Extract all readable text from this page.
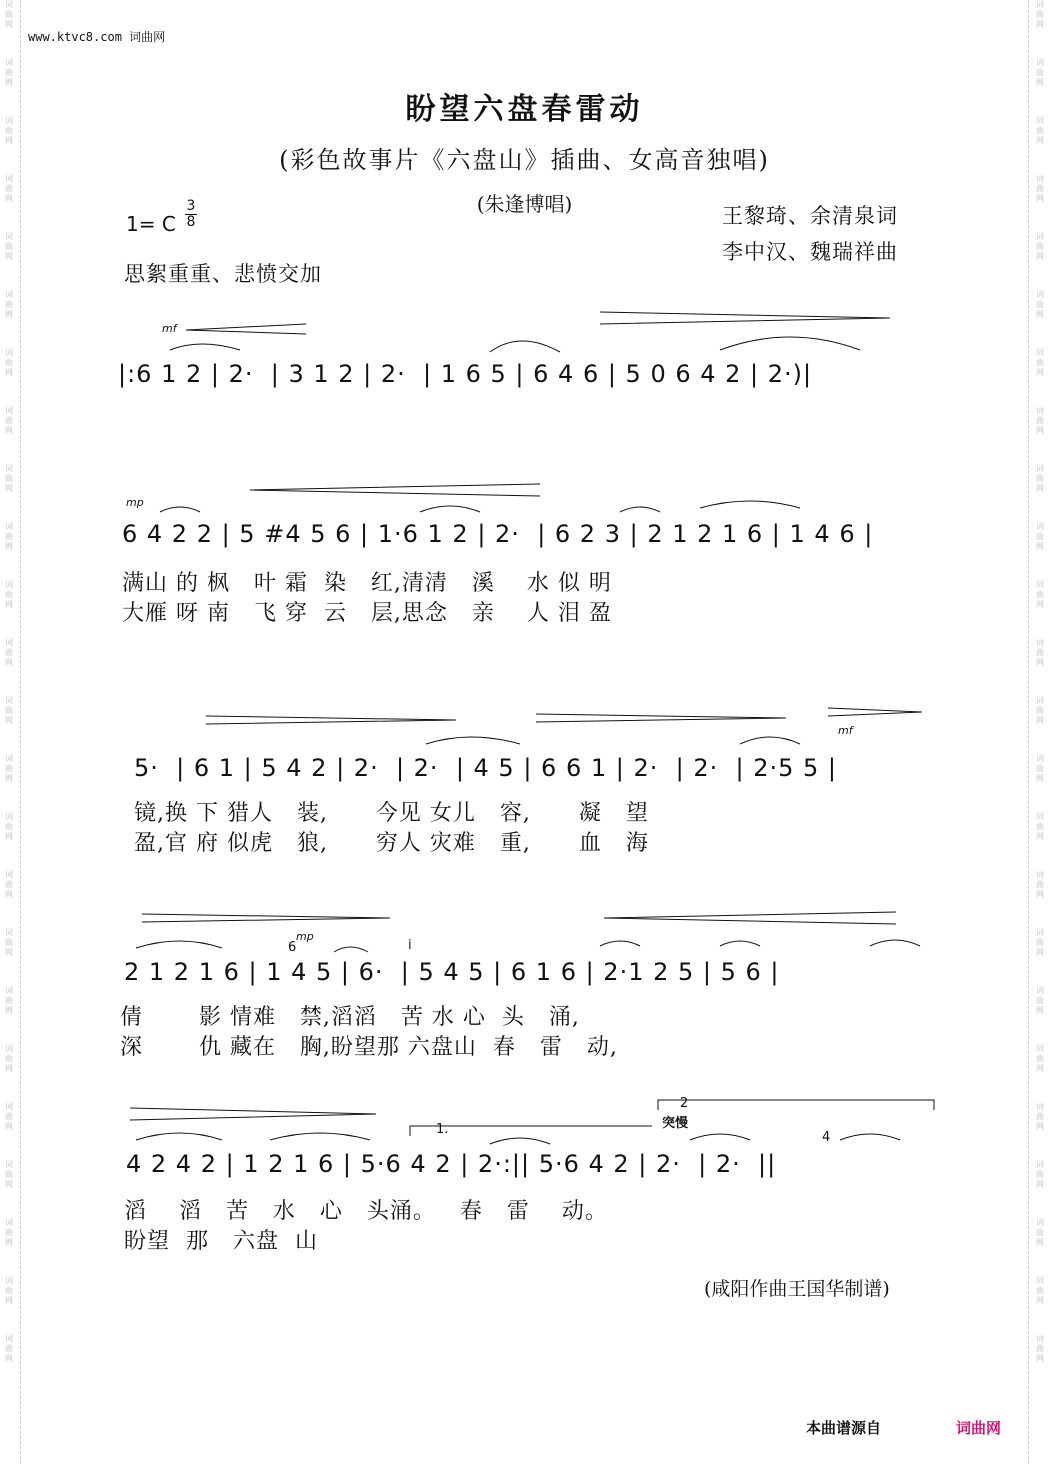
词
曲
网
词
曲
网
词
曲
网
词
曲
网
词
曲
网
词
曲
网
词
曲
网
词
曲
网
词
曲
网
词
曲
网
词
曲
网
词
曲
网
词
曲
网
词
曲
网
词
曲
网
词
曲
网
词
曲
网
词
曲
网
词
曲
网
词
曲
网
词
曲
网
词
曲
网
词
曲
网
词
曲
网
词
曲
网
词
曲
网
词
曲
网
词
曲
网
词
曲
网
词
曲
网
词
曲
网
词
曲
网
词
曲
网
词
曲
网
词
曲
网
词
曲
网
词
曲
网
词
曲
网
词
曲
网
词
曲
网
词
曲
网
词
曲
网
词
曲
网
词
曲
网
词
曲
网
词
曲
网
词
曲
网
词
曲
网
www.ktvc8.com 词曲网
盼望六盘春雷动
(彩色故事片《六盘山》插曲、女高音独唱)
(朱逢博唱)
1= C
3
8	王黎琦、余清泉词
李中汉、魏瑞祥曲
思絮重重、悲愤交加
mf
mp
mf
mp
6	i
4
1.
2
突慢
|:6 1 2 | 2·  | 3 1 2 | 2·  | 1 6 5 | 6 4 6 | 5 0 6 4 2 | 2·)|
6 4 2 2 | 5 #4 5 6 | 1·6 1 2 | 2·  | 6 2 3 | 2 1 2 1 6 | 1 4 6 |
满山 的 枫   叶 霜  染   红,清清   溪    水 似 明
大雁 呀 南   飞 穿  云   层,思念   亲    人 泪 盈
5·  | 6 1 | 5 4 2 | 2·  | 2·  | 4 5 | 6 6 1 | 2·  | 2·  | 2·5 5 |
镜,换 下 猎人   装,      今见 女儿   容,      凝   望
盈,官 府 似虎   狼,      穷人 灾难   重,      血   海
2 1 2 1 6 | 1 4 5 | 6·  | 5 4 5 | 6 1 6 | 2·1 2 5 | 5 6 |
倩       影 情难   禁,滔滔   苦 水 心  头   涌,
深       仇 藏在   胸,盼望那 六盘山  春   雷   动,
4 2 4 2 | 1 2 1 6 | 5·6 4 2 | 2·:|| 5·6 4 2 | 2·  | 2·  ||
滔    滔   苦   水   心   头涌。   春   雷    动。
盼望  那   六盘  山
(咸阳作曲王国华制谱)
本曲谱源自	词曲网
